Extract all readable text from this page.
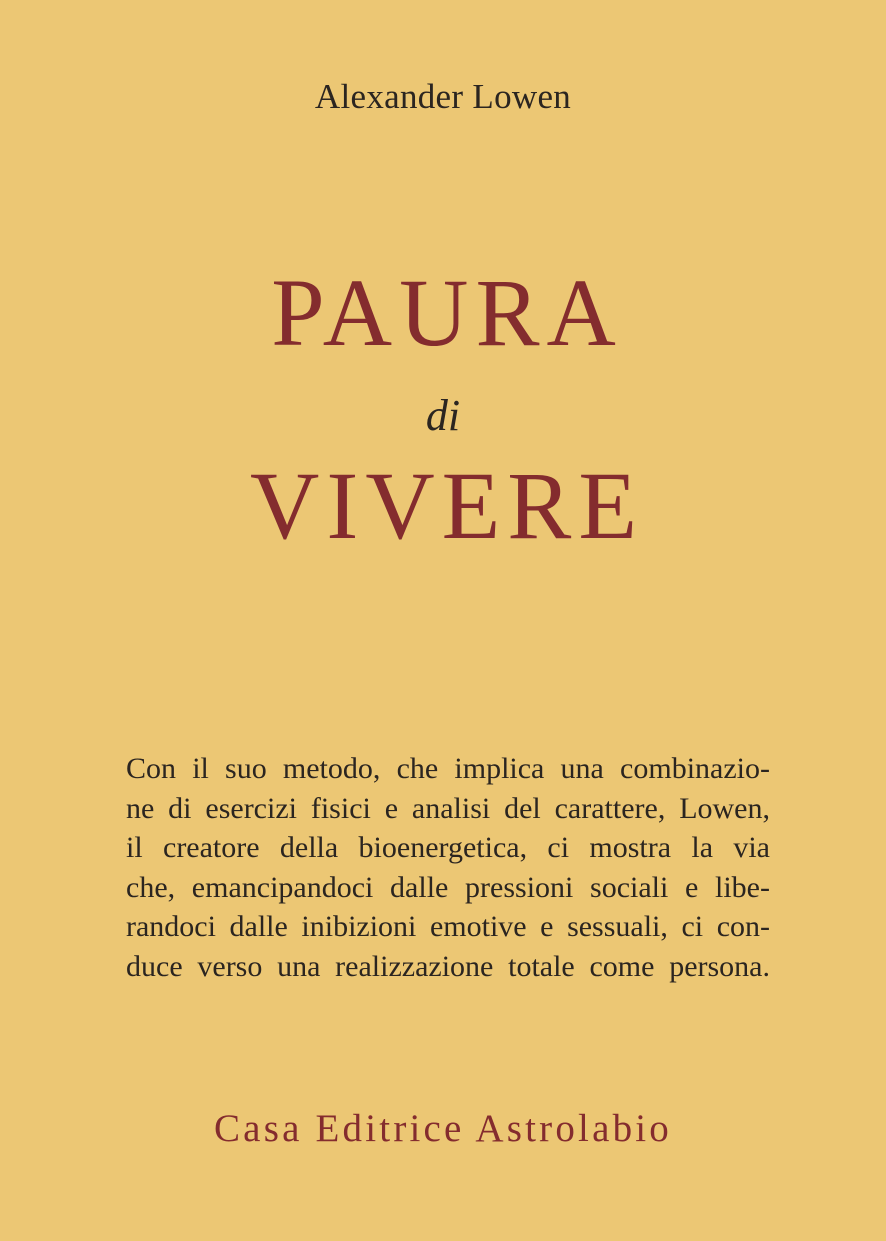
Alexander Lowen
PAURA
di
VIVERE
Con il suo metodo, che implica una combinazio-
ne di esercizi fisici e analisi del carattere, Lowen,
il creatore della bioenergetica, ci mostra la via
che, emancipandoci dalle pressioni sociali e libe-
randoci dalle inibizioni emotive e sessuali, ci con-
duce verso una realizzazione totale come persona.
Casa Editrice Astrolabio
